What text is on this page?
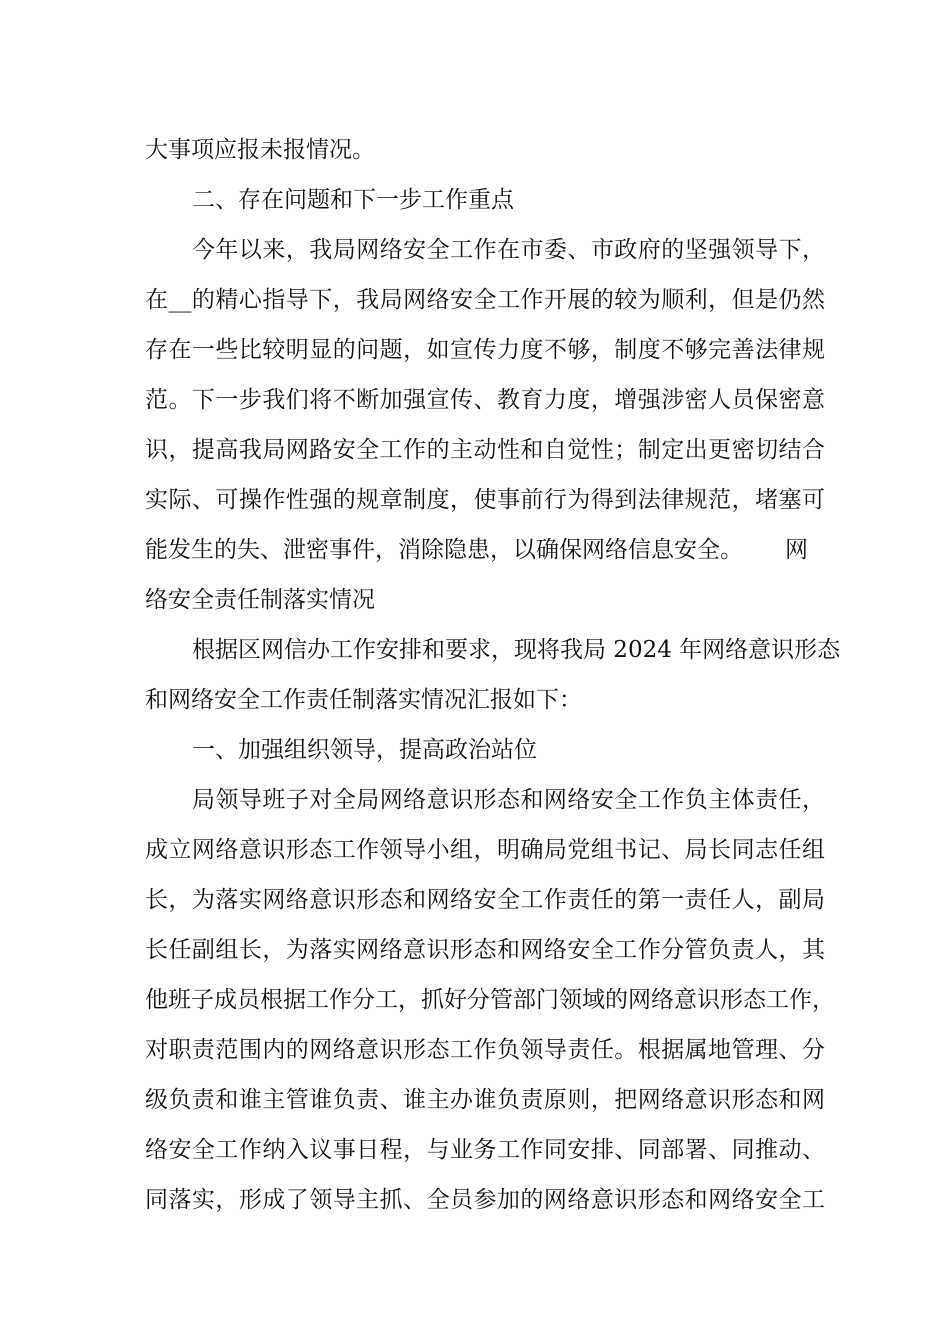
大事项应报未报情况。
二、存在问题和下一步工作重点
今年以来，我局网络安全工作在市委、市政府的坚强领导下，
在__的精心指导下，我局网络安全工作开展的较为顺利，但是仍然
存在一些比较明显的问题，如宣传力度不够，制度不够完善法律规
范。下一步我们将不断加强宣传、教育力度，增强涉密人员保密意
识，提高我局网路安全工作的主动性和自觉性；制定出更密切结合
实际、可操作性强的规章制度，使事前行为得到法律规范，堵塞可
能发生的失、泄密事件，消除隐患，以确保网络信息安全。 网
络安全责任制落实情况
根据区网信办工作安排和要求，现将我局 2024 年网络意识形态
和网络安全工作责任制落实情况汇报如下：
一、加强组织领导，提高政治站位
局领导班子对全局网络意识形态和网络安全工作负主体责任，
成立网络意识形态工作领导小组，明确局党组书记、局长同志任组
长，为落实网络意识形态和网络安全工作责任的第一责任人，副局
长任副组长，为落实网络意识形态和网络安全工作分管负责人，其
他班子成员根据工作分工，抓好分管部门领域的网络意识形态工作，
对职责范围内的网络意识形态工作负领导责任。根据属地管理、分
级负责和谁主管谁负责、谁主办谁负责原则，把网络意识形态和网
络安全工作纳入议事日程，与业务工作同安排、同部署、同推动、
同落实，形成了领导主抓、全员参加的网络意识形态和网络安全工
